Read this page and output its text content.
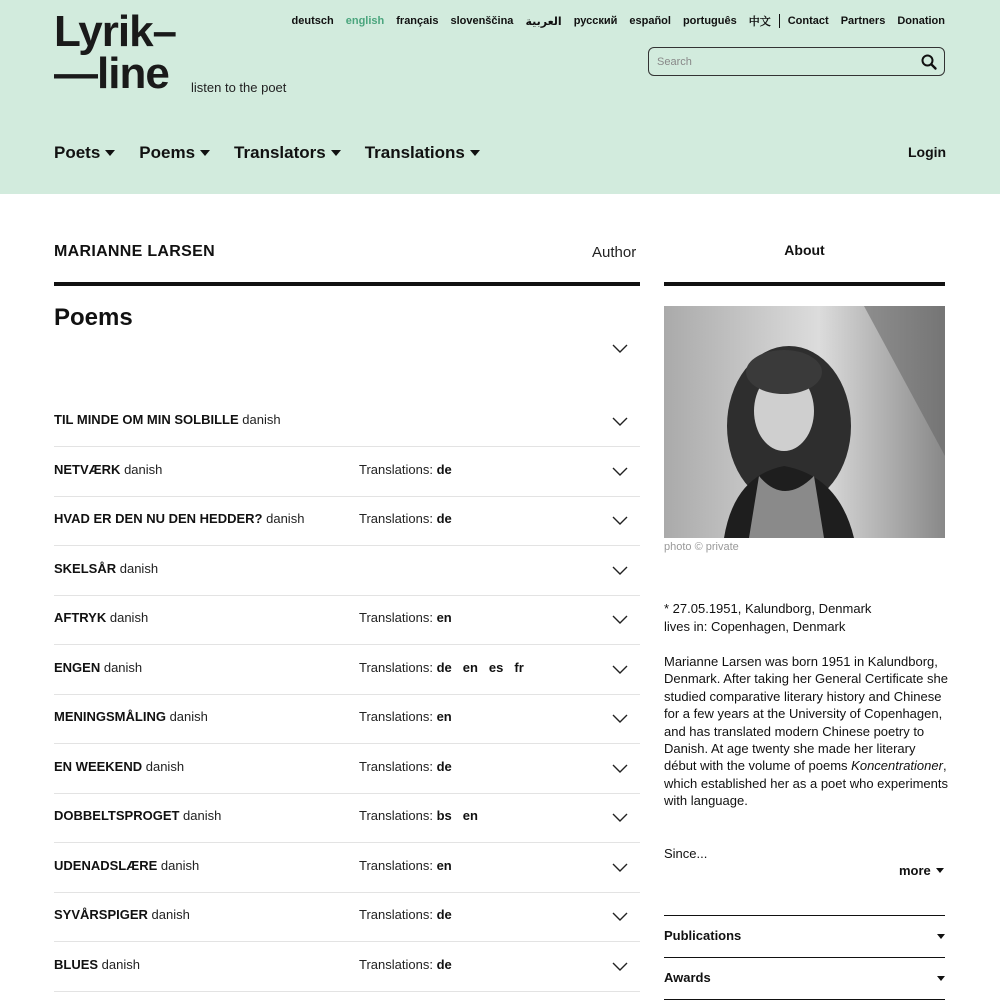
Lyrik–
—line listen to the poet
deutsch english français slovenščina العربية русский español português 中文 Contact Partners Donation
Search
Poets Poems Translators Translations	Login
MARIANNE LARSEN	Author	About
Poems
TIL MINDE OM MIN SOLBILLE danish
NETVÆRK danish	Translations: de
HVAD ER DEN NU DEN HEDDER? danish	Translations: de
SKELSÅR danish
AFTRYK danish	Translations: en
ENGEN danish	Translations: de en es fr
MENINGSMÅLING danish	Translations: en
EN WEEKEND danish	Translations: de
DOBBELTSPROGET danish	Translations: bs en
UDENADSLÆRE danish	Translations: en
SYVÅRSPIGER danish	Translations: de
BLUES danish	Translations: de
photo © private
* 27.05.1951, Kalundborg, Denmark
lives in: Copenhagen, Denmark
Marianne Larsen was born 1951 in Kalundborg, Denmark. After taking her General Certificate she studied comparative literary history and Chinese for a few years at the University of Copenhagen, and has translated modern Chinese poetry to Danish. At age twenty she made her literary début with the volume of poems Koncentrationer, which established her as a poet who experiments with language.
Since...
more
Publications
Awards
